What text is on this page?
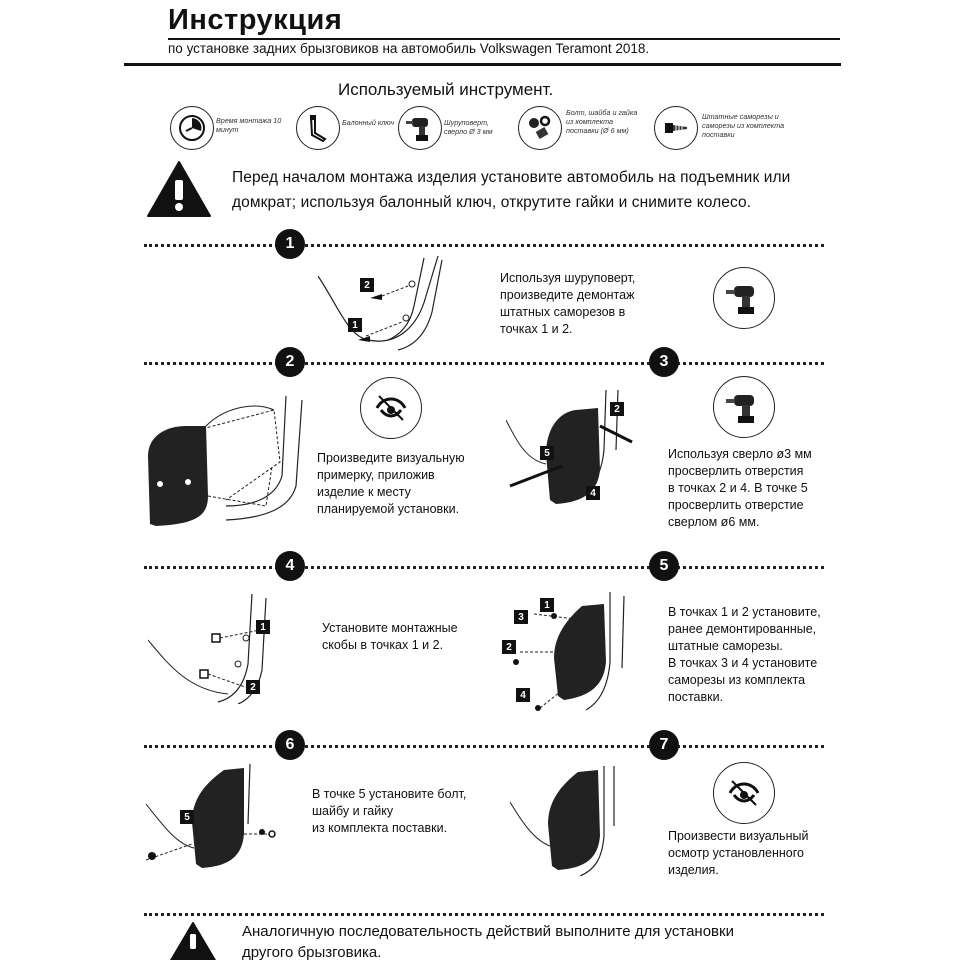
Инструкция
по установке задних брызговиков на автомобиль Volkswagen Teramont 2018.
Используемый инструмент.
Время монтажа 10 минут
Балонный ключ	Шуруповерт, сверло Ø 3 мм
Болт, шайба и гайка из комплекта поставки (Ø 6 мм)
Штатные саморезы и саморезы из комплекта поставки
Перед началом монтажа изделия установите автомобиль на подъемник или
домкрат; используя балонный ключ, открутите гайки и снимите колесо.
1
2	3
4	5
6	7
2
1
Используя шуруповерт,
произведите демонтаж
штатных саморезов в
точках 1 и 2.
Произведите визуальную
примерку, приложив
изделие к месту
планируемой установки.
2
5
4
Используя сверло ø3 мм
просверлить отверстия
в точках 2 и 4. В точке 5
просверлить отверстие
сверлом ø6 мм.
1
2
Установите монтажные
скобы в точках 1 и 2.
1
3
2
4
В точках 1 и 2 установите,
ранее демонтированные,
штатные саморезы.
В точках 3 и 4 установите
саморезы из комплекта
поставки.
5
В точке 5 установите болт,
шайбу и гайку
из комплекта поставки.
Произвести визуальный
осмотр установленного
изделия.
Аналогичную последовательность действий выполните для установки
другого брызговика.
